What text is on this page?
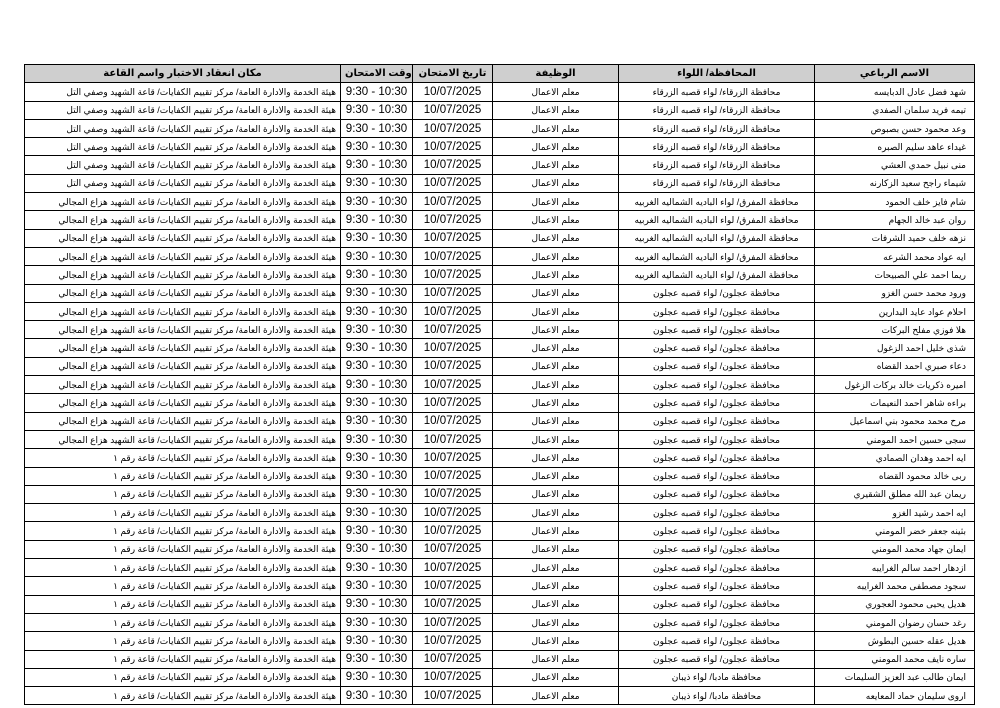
مكان انعقاد الاختبار واسم القاعة	وقت الامتحان	تاريخ الامتحان	الوظيفة	المحافظة/ اللواء	الاسم الرباعي
هيئة الخدمة والادارة العامة/ مركز تقييم الكفايات/ قاعة الشهيد وصفي التل	9:30 - 10:30	10/07/2025	معلم الاعمال	محافظة الزرقاء/ لواء قصبه الزرقاء	شهد فضل عادل الدبايسه
هيئة الخدمة والادارة العامة/ مركز تقييم الكفايات/ قاعة الشهيد وصفي التل	9:30 - 10:30	10/07/2025	معلم الاعمال	محافظة الزرقاء/ لواء قصبه الزرقاء	تيمه فريد سلمان الصفدي
هيئة الخدمة والادارة العامة/ مركز تقييم الكفايات/ قاعة الشهيد وصفي التل	9:30 - 10:30	10/07/2025	معلم الاعمال	محافظة الزرقاء/ لواء قصبه الزرقاء	وعد محمود حسن بصبوص
هيئة الخدمة والادارة العامة/ مركز تقييم الكفايات/ قاعة الشهيد وصفي التل	9:30 - 10:30	10/07/2025	معلم الاعمال	محافظة الزرقاء/ لواء قصبه الزرقاء	غيداء عاهد سليم الصبره
هيئة الخدمة والادارة العامة/ مركز تقييم الكفايات/ قاعة الشهيد وصفي التل	9:30 - 10:30	10/07/2025	معلم الاعمال	محافظة الزرقاء/ لواء قصبه الزرقاء	منى نبيل حمدي العشي
هيئة الخدمة والادارة العامة/ مركز تقييم الكفايات/ قاعة الشهيد وصفي التل	9:30 - 10:30	10/07/2025	معلم الاعمال	محافظة الزرقاء/ لواء قصبه الزرقاء	شيماء راجح سعيد الزكارنه
هيئة الخدمة والادارة العامة/ مركز تقييم الكفايات/ قاعة الشهيد هزاع المجالي	9:30 - 10:30	10/07/2025	معلم الاعمال	محافظة المفرق/ لواء الباديه الشماليه الغربيه	شام فايز خلف الحمود
هيئة الخدمة والادارة العامة/ مركز تقييم الكفايات/ قاعة الشهيد هزاع المجالي	9:30 - 10:30	10/07/2025	معلم الاعمال	محافظة المفرق/ لواء الباديه الشماليه الغربيه	روان عبد خالد الجهام
هيئة الخدمة والادارة العامة/ مركز تقييم الكفايات/ قاعة الشهيد هزاع المجالي	9:30 - 10:30	10/07/2025	معلم الاعمال	محافظة المفرق/ لواء الباديه الشماليه الغربيه	نزهه خلف حميد الشرفات
هيئة الخدمة والادارة العامة/ مركز تقييم الكفايات/ قاعة الشهيد هزاع المجالي	9:30 - 10:30	10/07/2025	معلم الاعمال	محافظة المفرق/ لواء الباديه الشماليه الغربيه	ايه عواد محمد الشرعه
هيئة الخدمة والادارة العامة/ مركز تقييم الكفايات/ قاعة الشهيد هزاع المجالي	9:30 - 10:30	10/07/2025	معلم الاعمال	محافظة المفرق/ لواء الباديه الشماليه الغربيه	ريما احمد علي الصبيحات
هيئة الخدمة والادارة العامة/ مركز تقييم الكفايات/ قاعة الشهيد هزاع المجالي	9:30 - 10:30	10/07/2025	معلم الاعمال	محافظة عجلون/ لواء قصبه عجلون	ورود محمد حسن الغزو
هيئة الخدمة والادارة العامة/ مركز تقييم الكفايات/ قاعة الشهيد هزاع المجالي	9:30 - 10:30	10/07/2025	معلم الاعمال	محافظة عجلون/ لواء قصبه عجلون	احلام عواد عايد البدارين
هيئة الخدمة والادارة العامة/ مركز تقييم الكفايات/ قاعة الشهيد هزاع المجالي	9:30 - 10:30	10/07/2025	معلم الاعمال	محافظة عجلون/ لواء قصبه عجلون	هلا فوزي مفلح البركات
هيئة الخدمة والادارة العامة/ مركز تقييم الكفايات/ قاعة الشهيد هزاع المجالي	9:30 - 10:30	10/07/2025	معلم الاعمال	محافظة عجلون/ لواء قصبه عجلون	شذى خليل احمد الزغول
هيئة الخدمة والادارة العامة/ مركز تقييم الكفايات/ قاعة الشهيد هزاع المجالي	9:30 - 10:30	10/07/2025	معلم الاعمال	محافظة عجلون/ لواء قصبه عجلون	دعاء صبري احمد القضاه
هيئة الخدمة والادارة العامة/ مركز تقييم الكفايات/ قاعة الشهيد هزاع المجالي	9:30 - 10:30	10/07/2025	معلم الاعمال	محافظة عجلون/ لواء قصبه عجلون	اميره ذكريات خالد بركات الزغول
هيئة الخدمة والادارة العامة/ مركز تقييم الكفايات/ قاعة الشهيد هزاع المجالي	9:30 - 10:30	10/07/2025	معلم الاعمال	محافظة عجلون/ لواء قصبه عجلون	براءه شاهر احمد النعيمات
هيئة الخدمة والادارة العامة/ مركز تقييم الكفايات/ قاعة الشهيد هزاع المجالي	9:30 - 10:30	10/07/2025	معلم الاعمال	محافظة عجلون/ لواء قصبه عجلون	مرح محمد محمود بني اسماعيل
هيئة الخدمة والادارة العامة/ مركز تقييم الكفايات/ قاعة الشهيد هزاع المجالي	9:30 - 10:30	10/07/2025	معلم الاعمال	محافظة عجلون/ لواء قصبه عجلون	سجى حسين احمد المومني
هيئة الخدمة والادارة العامة/ مركز تقييم الكفايات/ قاعة رقم ١	9:30 - 10:30	10/07/2025	معلم الاعمال	محافظة عجلون/ لواء قصبه عجلون	ايه احمد وهدان الصمادي
هيئة الخدمة والادارة العامة/ مركز تقييم الكفايات/ قاعة رقم ١	9:30 - 10:30	10/07/2025	معلم الاعمال	محافظة عجلون/ لواء قصبه عجلون	ربى خالد محمود القضاه
هيئة الخدمة والادارة العامة/ مركز تقييم الكفايات/ قاعة رقم ١	9:30 - 10:30	10/07/2025	معلم الاعمال	محافظة عجلون/ لواء قصبه عجلون	ريمان عبد الله مطلق الشقيري
هيئة الخدمة والادارة العامة/ مركز تقييم الكفايات/ قاعة رقم ١	9:30 - 10:30	10/07/2025	معلم الاعمال	محافظة عجلون/ لواء قصبه عجلون	ايه احمد رشيد الغزو
هيئة الخدمة والادارة العامة/ مركز تقييم الكفايات/ قاعة رقم ١	9:30 - 10:30	10/07/2025	معلم الاعمال	محافظة عجلون/ لواء قصبه عجلون	بثينه جعفر خضر المومني
هيئة الخدمة والادارة العامة/ مركز تقييم الكفايات/ قاعة رقم ١	9:30 - 10:30	10/07/2025	معلم الاعمال	محافظة عجلون/ لواء قصبه عجلون	ايمان جهاد محمد المومني
هيئة الخدمة والادارة العامة/ مركز تقييم الكفايات/ قاعة رقم ١	9:30 - 10:30	10/07/2025	معلم الاعمال	محافظة عجلون/ لواء قصبه عجلون	ازدهار احمد سالم الغرايبه
هيئة الخدمة والادارة العامة/ مركز تقييم الكفايات/ قاعة رقم ١	9:30 - 10:30	10/07/2025	معلم الاعمال	محافظة عجلون/ لواء قصبه عجلون	سجود مصطفى محمد الغرايبه
هيئة الخدمة والادارة العامة/ مركز تقييم الكفايات/ قاعة رقم ١	9:30 - 10:30	10/07/2025	معلم الاعمال	محافظة عجلون/ لواء قصبه عجلون	هديل يحيى محمود العجوري
هيئة الخدمة والادارة العامة/ مركز تقييم الكفايات/ قاعة رقم ١	9:30 - 10:30	10/07/2025	معلم الاعمال	محافظة عجلون/ لواء قصبه عجلون	رغد حسان رضوان المومني
هيئة الخدمة والادارة العامة/ مركز تقييم الكفايات/ قاعة رقم ١	9:30 - 10:30	10/07/2025	معلم الاعمال	محافظة عجلون/ لواء قصبه عجلون	هديل عقله حسين البطوش
هيئة الخدمة والادارة العامة/ مركز تقييم الكفايات/ قاعة رقم ١	9:30 - 10:30	10/07/2025	معلم الاعمال	محافظة عجلون/ لواء قصبه عجلون	ساره نايف محمد المومني
هيئة الخدمة والادارة العامة/ مركز تقييم الكفايات/ قاعة رقم ١	9:30 - 10:30	10/07/2025	معلم الاعمال	محافظة مادبا/ لواء ذيبان	ايمان طالب عبد العزيز السليمات
هيئة الخدمة والادارة العامة/ مركز تقييم الكفايات/ قاعة رقم ١	9:30 - 10:30	10/07/2025	معلم الاعمال	محافظة مادبا/ لواء ذيبان	اروى سليمان حماد المعايعه
